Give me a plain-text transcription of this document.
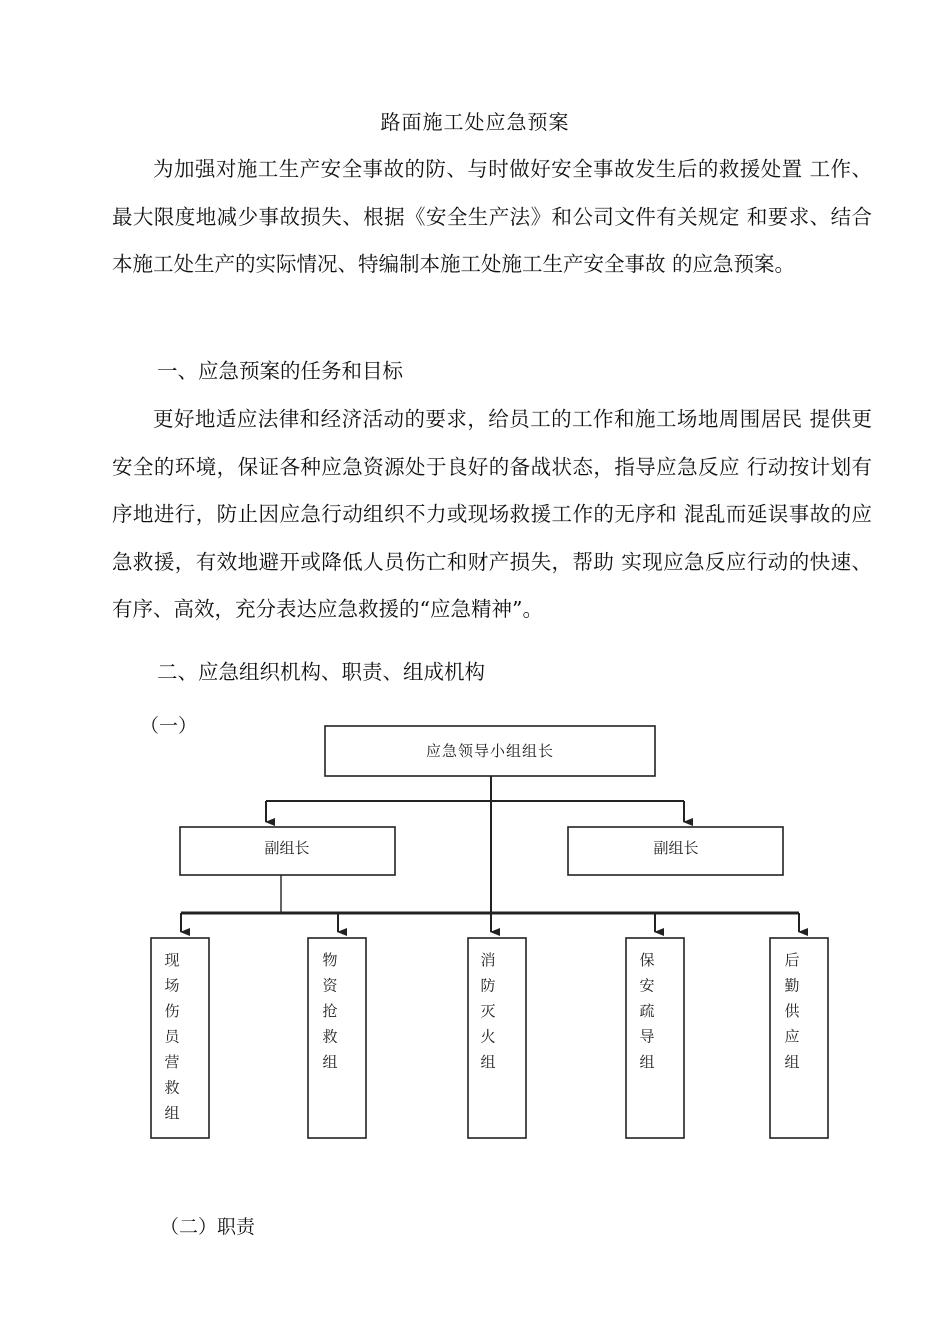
路面施工处应急预案
为加强对施工生产安全事故的防、与时做好安全事故发生后的救援处置 工作、最大限度地减少事故损失、根据《安全生产法》和公司文件有关规定 和要求、结合本施工处生产的实际情况、特编制本施工处施工生产安全事故 的应急预案。
一、应急预案的任务和目标
更好地适应法律和经济活动的要求，给员工的工作和施工场地周围居民 提供更安全的环境，保证各种应急资源处于良好的备战状态，指导应急反应 行动按计划有序地进行，防止因应急行动组织不力或现场救援工作的无序和 混乱而延误事故的应急救援，有效地避开或降低人员伤亡和财产损失，帮助 实现应急反应行动的快速、有序、高效，充分表达应急救援的“应急精神”。
二、应急组织机构、职责、组成机构
（一）
应急领导小组组长
副组长	副组长
现场伤员营救组
物资抢救组
消防灭火组
保安疏导组
后勤供应组
（二）职责
